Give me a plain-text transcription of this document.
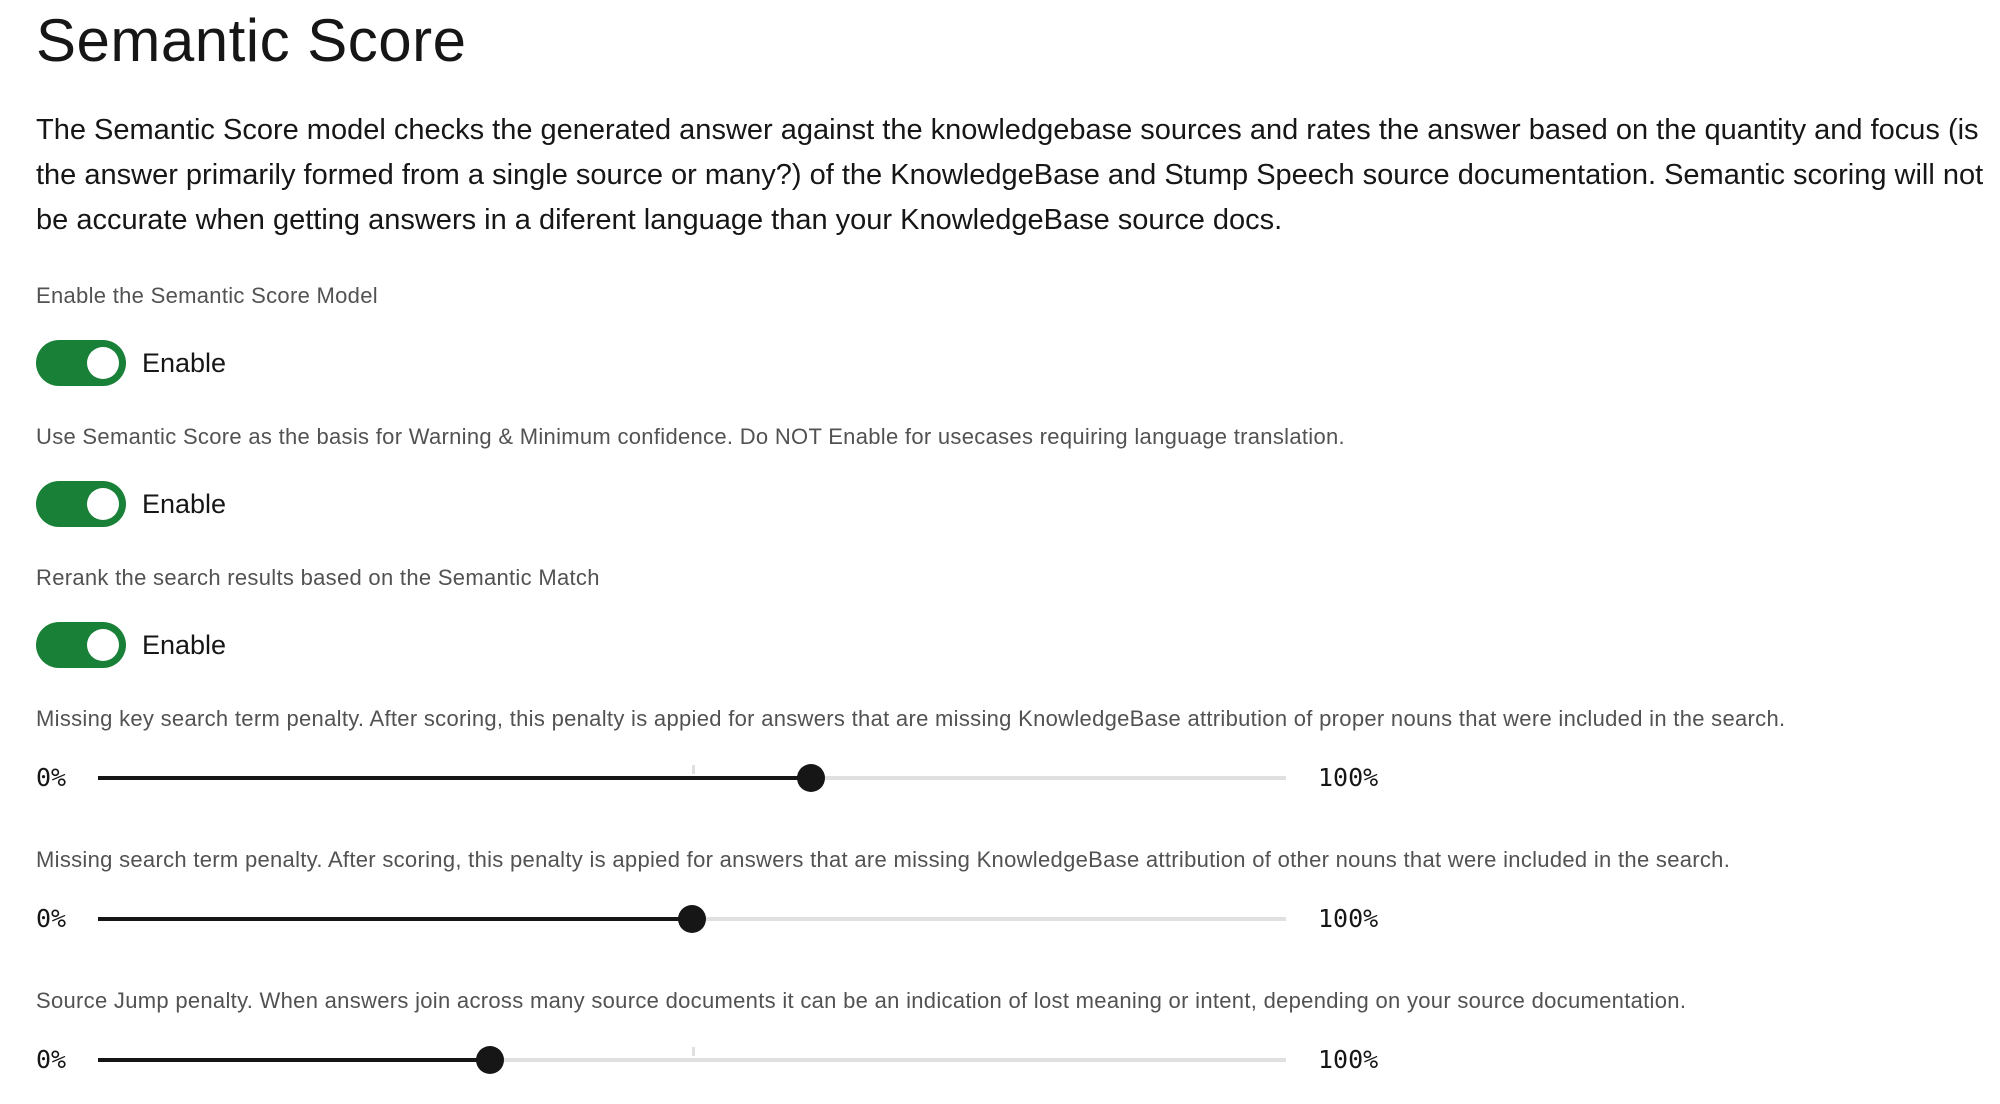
Semantic Score

The Semantic Score model checks the generated answer against the knowledgebase sources and rates the answer based on the quantity and focus (is the answer primarily formed from a single source or many?) of the KnowledgeBase and Stump Speech source documentation. Semantic scoring will not be accurate when getting answers in a diferent language than your KnowledgeBase source docs.

Enable the Semantic Score Model
Enable
Use Semantic Score as the basis for Warning & Minimum confidence. Do NOT Enable for usecases requiring language translation.
Enable
Rerank the search results based on the Semantic Match
Enable
Missing key search term penalty. After scoring, this penalty is appied for answers that are missing KnowledgeBase attribution of proper nouns that were included in the search.
0%	100%
Missing search term penalty. After scoring, this penalty is appied for answers that are missing KnowledgeBase attribution of other nouns that were included in the search.
0%	100%
Source Jump penalty. When answers join across many source documents it can be an indication of lost meaning or intent, depending on your source documentation.
0%	100%
